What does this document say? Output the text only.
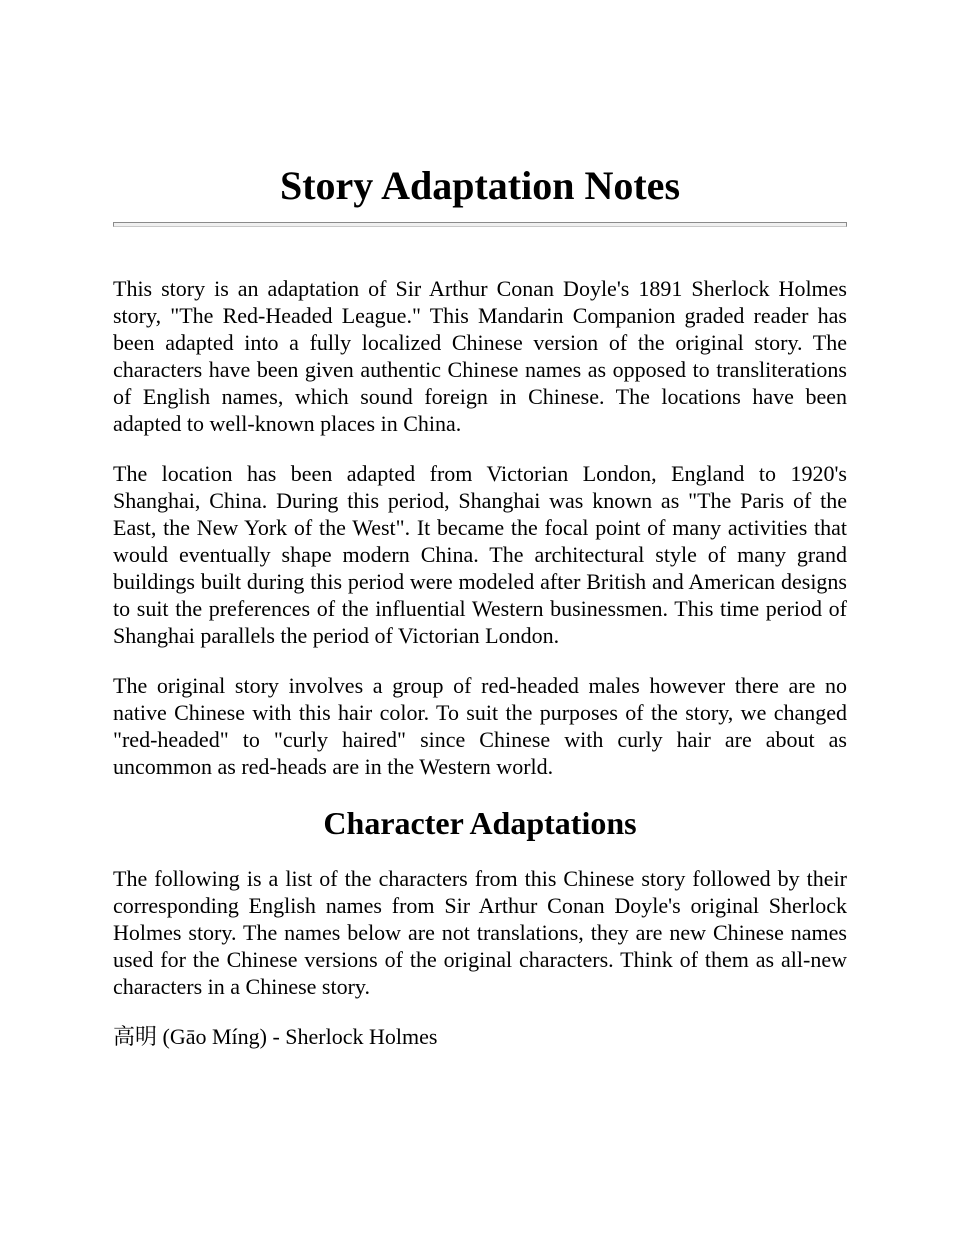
Story Adaptation Notes

This story is an adaptation of Sir Arthur Conan Doyle's 1891 Sherlock Holmes story, "The Red-Headed League." This Mandarin Companion graded reader has been adapted into a fully localized Chinese version of the original story. The characters have been given authentic Chinese names as opposed to transliterations of English names, which sound foreign in Chinese. The locations have been adapted to well-known places in China.

The location has been adapted from Victorian London, England to 1920's Shanghai, China. During this period, Shanghai was known as "The Paris of the East, the New York of the West". It became the focal point of many activities that would eventually shape modern China. The architectural style of many grand buildings built during this period were modeled after British and American designs to suit the preferences of the influential Western businessmen. This time period of Shanghai parallels the period of Victorian London.

The original story involves a group of red-headed males however there are no native Chinese with this hair color. To suit the purposes of the story, we changed "red-headed" to "curly haired" since Chinese with curly hair are about as uncommon as red-heads are in the Western world.

Character Adaptations

The following is a list of the characters from this Chinese story followed by their corresponding English names from Sir Arthur Conan Doyle's original Sherlock Holmes story. The names below are not translations, they are new Chinese names used for the Chinese versions of the original characters. Think of them as all-new characters in a Chinese story.

高明 (Gāo Míng) - Sherlock Holmes
